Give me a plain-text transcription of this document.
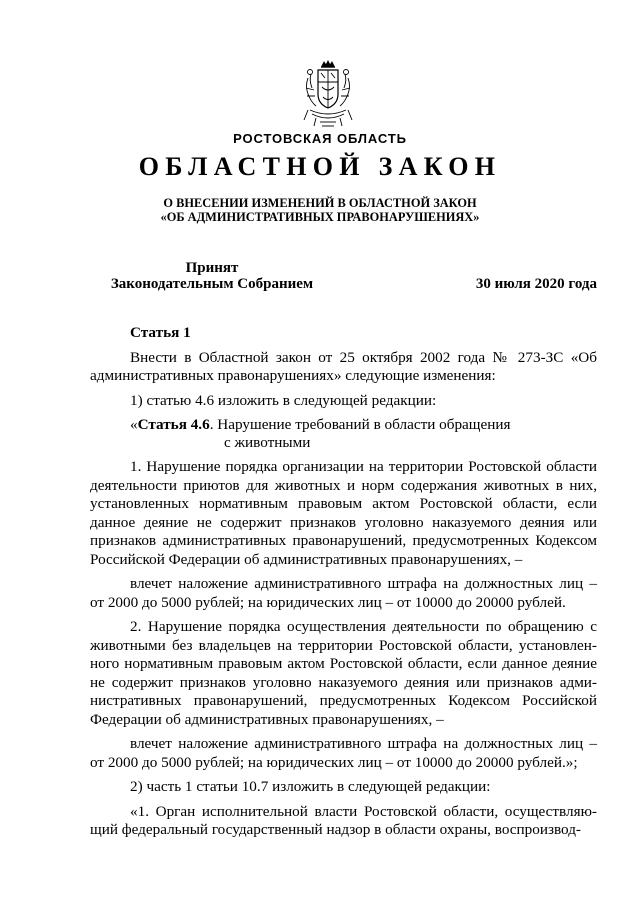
РОСТОВСКАЯ ОБЛАСТЬ
ОБЛАСТНОЙ ЗАКОН
О ВНЕСЕНИИ ИЗМЕНЕНИЙ В ОБЛАСТНОЙ ЗАКОН
«ОБ АДМИНИСТРАТИВНЫХ ПРАВОНАРУШЕНИЯХ»
Принят
Законодательным Собранием	30 июля 2020 года
Статья 1
Внести в Областной закон от 25 октября 2002 года № 273-ЗС «Об административных правонарушениях» следующие изменения:
1) статью 4.6 изложить в следующей редакции:
«Статья 4.6. Нарушение требований в области обращения
с животными
1. Нарушение порядка организации на территории Ростовской области деятельности приютов для животных и норм содержания животных в них, установленных нормативным правовым актом Ростовской области, если данное деяние не содержит признаков уголовно наказуемого деяния или признаков административных правонарушений, предусмотренных Кодексом Российской Федерации об административных правонарушениях, –
влечет наложение административного штрафа на должностных лиц – от 2000 до 5000 рублей; на юридических лиц – от 10000 до 20000 рублей.
2. Нарушение порядка осуществления деятельности по обращению с животными без владельцев на территории Ростовской области, установлен-ного нормативным правовым актом Ростовской области, если данное деяние не содержит признаков уголовно наказуемого деяния или признаков адми-нистративных правонарушений, предусмотренных Кодексом Российской Федерации об административных правонарушениях, –
влечет наложение административного штрафа на должностных лиц – от 2000 до 5000 рублей; на юридических лиц – от 10000 до 20000 рублей.»;
2) часть 1 статьи 10.7 изложить в следующей редакции:
«1. Орган исполнительной власти Ростовской области, осуществляю-щий федеральный государственный надзор в области охраны, воспроизвод-
